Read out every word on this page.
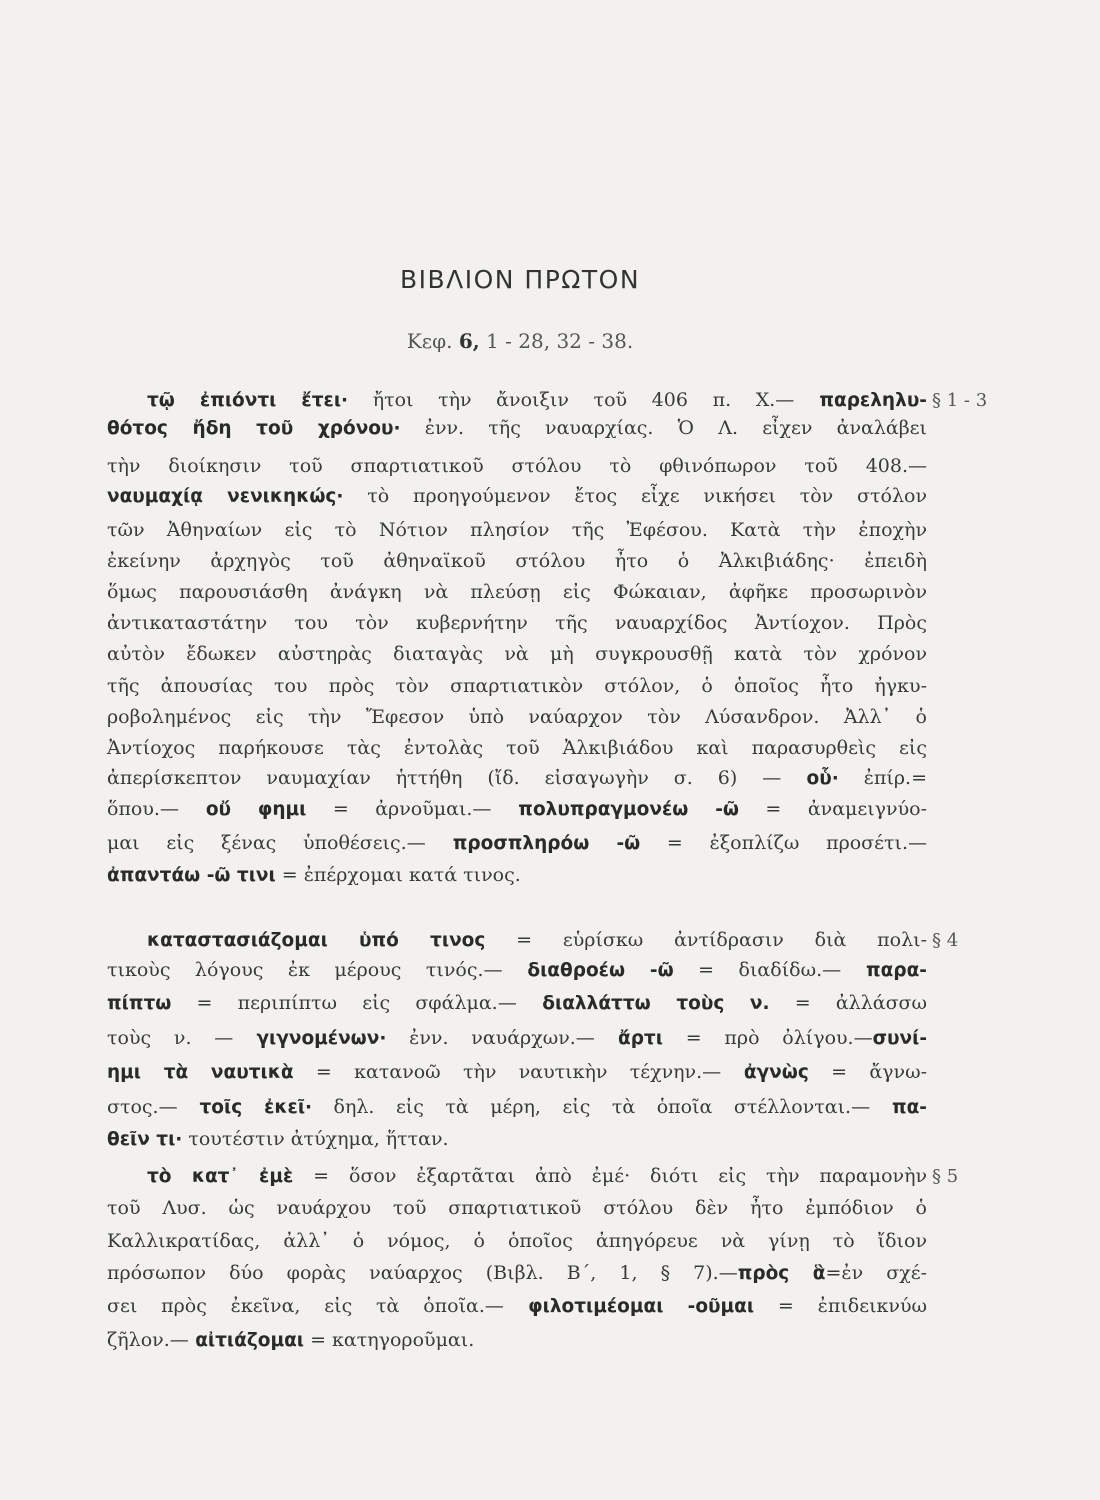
ΒΙΒΛΙΟΝ ΠΡΩΤΟΝ
Κεφ. 6, 1 - 28, 32 - 38.
§ 1 - 3
§ 4
§ 5
τῷ ἐπιόντι ἔτει· ἤτοι τὴν ἄνοιξιν τοῦ 406 π. Χ.— παρεληλυ-
θότος ἤδη τοῦ χρόνου· ἐνν. τῆς ναυαρχίας. Ὁ Λ. εἶχεν ἀναλάβει
τὴν διοίκησιν τοῦ σπαρτιατικοῦ στόλου τὸ φθινόπωρον τοῦ 408.—
ναυμαχίᾳ νενικηκώς· τὸ προηγούμενον ἔτος εἶχε νικήσει τὸν στόλον
τῶν Ἀθηναίων εἰς τὸ Νότιον πλησίον τῆς Ἐφέσου. Κατὰ τὴν ἐποχὴν
ἐκείνην ἀρχηγὸς τοῦ ἀθηναϊκοῦ στόλου ἦτο ὁ Ἀλκιβιάδης· ἐπειδὴ
ὅμως παρουσιάσθη ἀνάγκη νὰ πλεύσῃ εἰς Φώκαιαν, ἀφῆκε προσωρινὸν
ἀντικαταστάτην του τὸν κυβερνήτην τῆς ναυαρχίδος Ἀντίοχον. Πρὸς
αὐτὸν ἔδωκεν αὐστηρὰς διαταγὰς νὰ μὴ συγκρουσθῇ κατὰ τὸν χρόνον
τῆς ἀπουσίας του πρὸς τὸν σπαρτιατικὸν στόλον, ὁ ὁποῖος ἦτο ἠγκυ-
ροβολημένος εἰς τὴν Ἔφεσον ὑπὸ ναύαρχον τὸν Λύσανδρον. Ἀλλ᾽ ὁ
Ἀντίοχος παρήκουσε τὰς ἐντολὰς τοῦ Ἀλκιβιάδου καὶ παρασυρθεὶς εἰς
ἀπερίσκεπτον ναυμαχίαν ἡττήθη (ἴδ. εἰσαγωγὴν σ. 6) — οὗ· ἐπίρ.=
ὅπου.— οὔ φημι = ἀρνοῦμαι.— πολυπραγμονέω -ῶ = ἀναμειγνύο-
μαι εἰς ξένας ὑποθέσεις.— προσπληρόω -ῶ = ἐξοπλίζω προσέτι.—
ἀπαντάω -ῶ τινι = ἐπέρχομαι κατά τινος.
καταστασιάζομαι ὑπό τινος = εὑρίσκω ἀντίδρασιν διὰ πολι-
τικοὺς λόγους ἐκ μέρους τινός.— διαθροέω -ῶ = διαδίδω.— παρα-
πίπτω = περιπίπτω εἰς σφάλμα.— διαλλάττω τοὺς ν. = ἀλλάσσω
τοὺς ν. — γιγνομένων· ἐνν. ναυάρχων.— ἄρτι = πρὸ ὀλίγου.—συνί-
ημι τὰ ναυτικὰ = κατανοῶ τὴν ναυτικὴν τέχνην.— ἀγνὼς = ἄγνω-
στος.— τοῖς ἐκεῖ· δηλ. εἰς τὰ μέρη, εἰς τὰ ὁποῖα στέλλονται.— πα-
θεῖν τι· τουτέστιν ἀτύχημα, ἥτταν.
τὸ κατ᾽ ἐμὲ = ὅσον ἐξαρτᾶται ἀπὸ ἐμέ· διότι εἰς τὴν παραμονὴν
τοῦ Λυσ. ὡς ναυάρχου τοῦ σπαρτιατικοῦ στόλου δὲν ἦτο ἐμπόδιον ὁ
Καλλικρατίδας, ἀλλ᾽ ὁ νόμος, ὁ ὁποῖος ἀπηγόρευε νὰ γίνῃ τὸ ἴδιον
πρόσωπον δύο φορὰς ναύαρχος (Βιβλ. Β΄, 1, § 7).—πρὸς ἃ=ἐν σχέ-
σει πρὸς ἐκεῖνα, εἰς τὰ ὁποῖα.— φιλοτιμέομαι -οῦμαι = ἐπιδεικνύω
ζῆλον.— αἰτιάζομαι = κατηγοροῦμαι.
